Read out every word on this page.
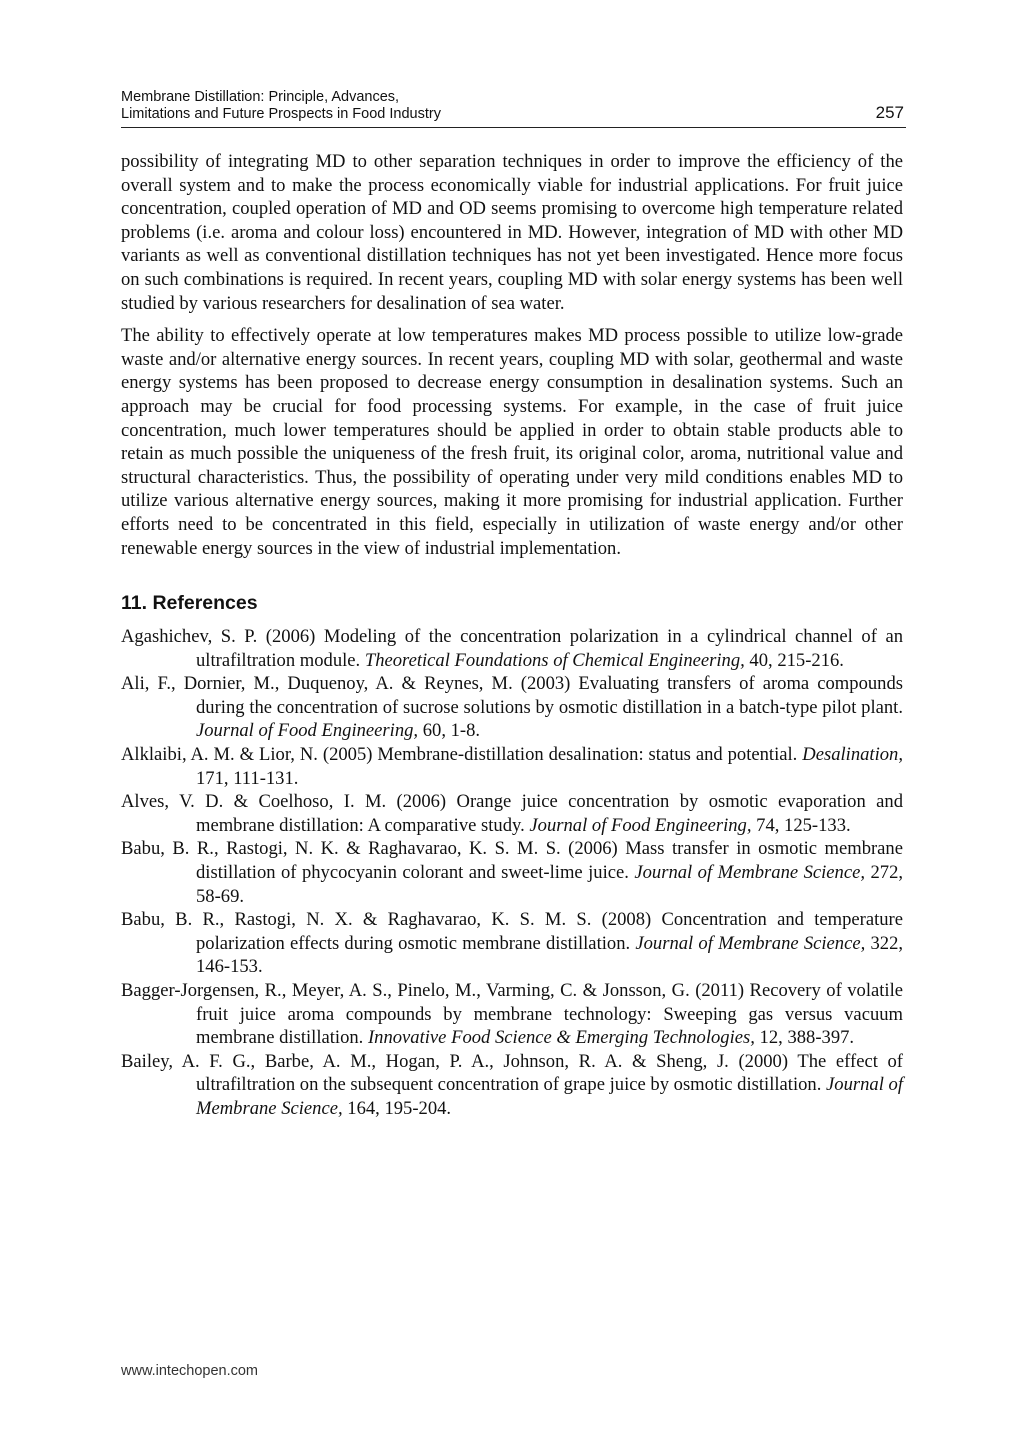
Membrane Distillation: Principle, Advances,
Limitations and Future Prospects in Food Industry	257

possibility of integrating MD to other separation techniques in order to improve the efficiency of the overall system and to make the process economically viable for industrial applications. For fruit juice concentration, coupled operation of MD and OD seems promising to overcome high temperature related problems (i.e. aroma and colour loss) encountered in MD. However, integration of MD with other MD variants as well as conventional distillation techniques has not yet been investigated. Hence more focus on such combinations is required. In recent years, coupling MD with solar energy systems has been well studied by various researchers for desalination of sea water.

The ability to effectively operate at low temperatures makes MD process possible to utilize low-grade waste and/or alternative energy sources. In recent years, coupling MD with solar, geothermal and waste energy systems has been proposed to decrease energy consumption in desalination systems. Such an approach may be crucial for food processing systems. For example, in the case of fruit juice concentration, much lower temperatures should be applied in order to obtain stable products able to retain as much possible the uniqueness of the fresh fruit, its original color, aroma, nutritional value and structural characteristics. Thus, the possibility of operating under very mild conditions enables MD to utilize various alternative energy sources, making it more promising for industrial application. Further efforts need to be concentrated in this field, especially in utilization of waste energy and/or other renewable energy sources in the view of industrial implementation.

11. References
Agashichev, S. P. (2006) Modeling of the concentration polarization in a cylindrical channel of an ultrafiltration module. Theoretical Foundations of Chemical Engineering, 40, 215-216.
Ali, F., Dornier, M., Duquenoy, A. & Reynes, M. (2003) Evaluating transfers of aroma compounds during the concentration of sucrose solutions by osmotic distillation in a batch-type pilot plant. Journal of Food Engineering, 60, 1-8.
Alklaibi, A. M. & Lior, N. (2005) Membrane-distillation desalination: status and potential. Desalination, 171, 111-131.
Alves, V. D. & Coelhoso, I. M. (2006) Orange juice concentration by osmotic evaporation and membrane distillation: A comparative study. Journal of Food Engineering, 74, 125-133.
Babu, B. R., Rastogi, N. K. & Raghavarao, K. S. M. S. (2006) Mass transfer in osmotic membrane distillation of phycocyanin colorant and sweet-lime juice. Journal of Membrane Science, 272, 58-69.
Babu, B. R., Rastogi, N. X. & Raghavarao, K. S. M. S. (2008) Concentration and temperature polarization effects during osmotic membrane distillation. Journal of Membrane Science, 322, 146-153.
Bagger-Jorgensen, R., Meyer, A. S., Pinelo, M., Varming, C. & Jonsson, G. (2011) Recovery of volatile fruit juice aroma compounds by membrane technology: Sweeping gas versus vacuum membrane distillation. Innovative Food Science & Emerging Technologies, 12, 388-397.
Bailey, A. F. G., Barbe, A. M., Hogan, P. A., Johnson, R. A. & Sheng, J. (2000) The effect of ultrafiltration on the subsequent concentration of grape juice by osmotic distillation. Journal of Membrane Science, 164, 195-204.
www.intechopen.com
